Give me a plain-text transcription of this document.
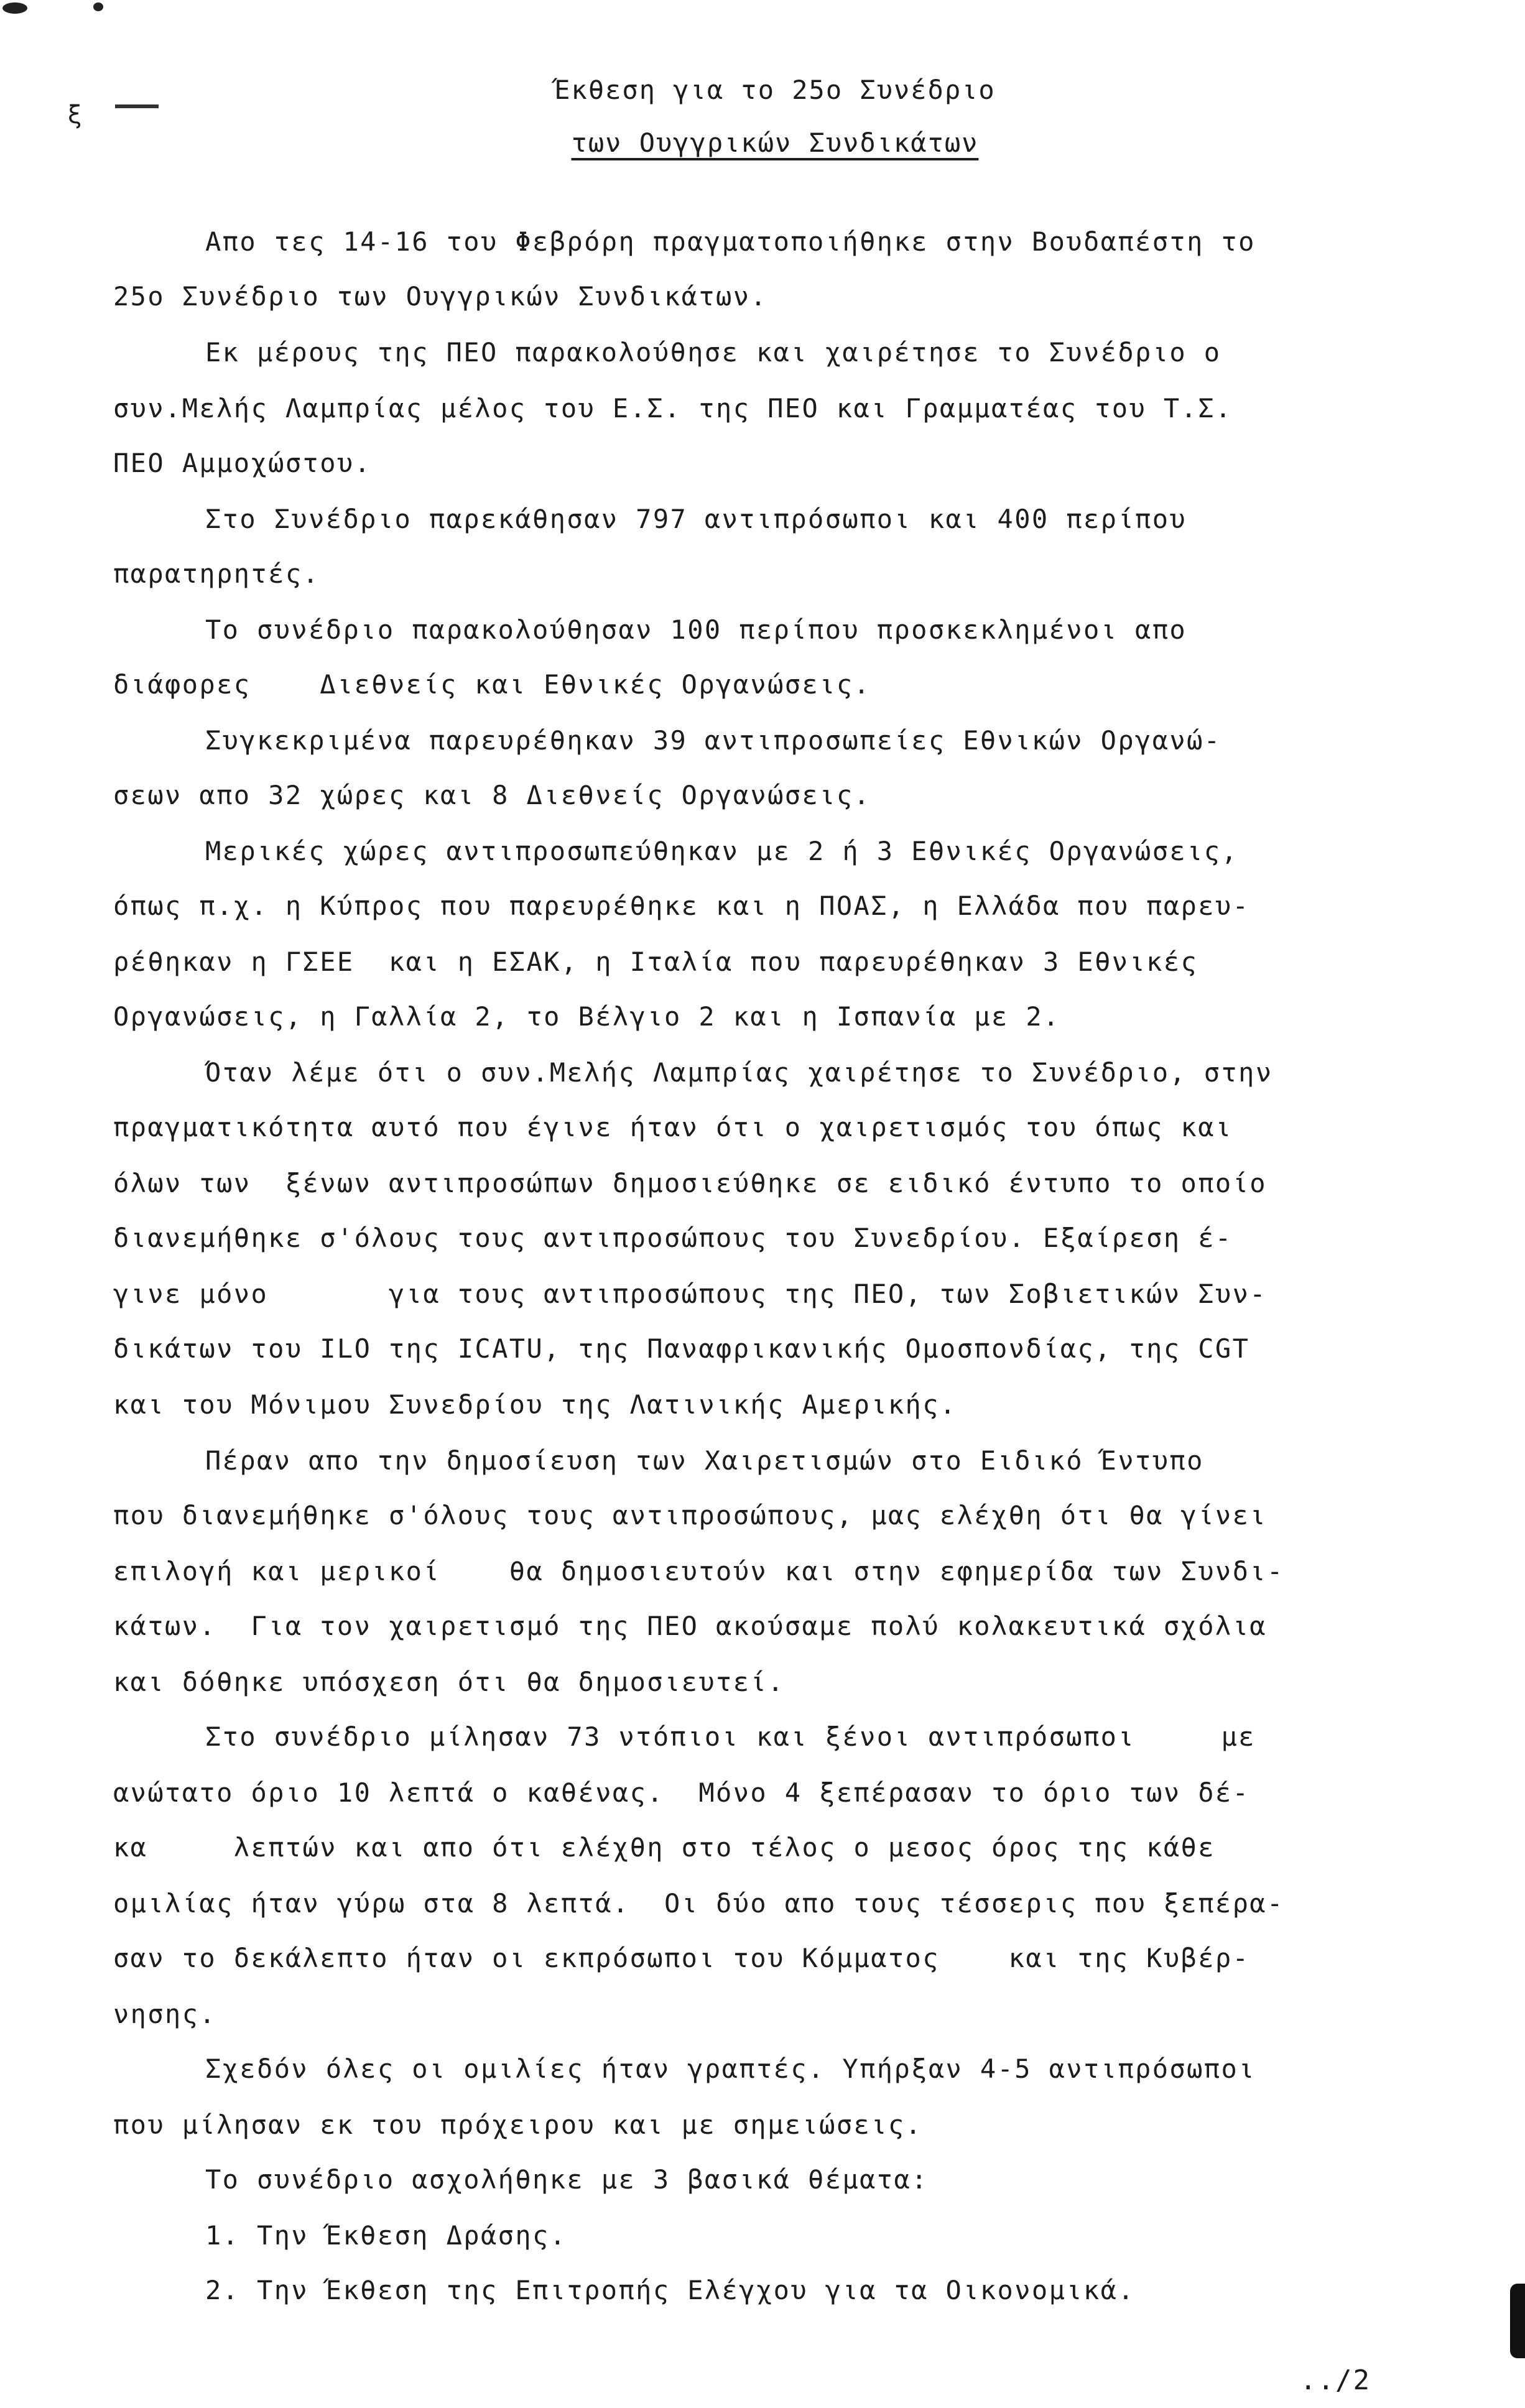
ξ
Έκθεση για το 25ο Συνέδριο
των Ουγγρικών Συνδικάτων
Απο τες 14-16 του Φεβρόρη πραγματοποιήθηκε στην Βουδαπέστη το
25ο Συνέδριο των Ουγγρικών Συνδικάτων.
Εκ μέρους της ΠΕΟ παρακολούθησε και χαιρέτησε το Συνέδριο ο
συν.Μελής Λαμπρίας μέλος του Ε.Σ. της ΠΕΟ και Γραμματέας του Τ.Σ.
ΠΕΟ Αμμοχώστου.
Στο Συνέδριο παρεκάθησαν 797 αντιπρόσωποι και 400 περίπου
παρατηρητές.
Το συνέδριο παρακολούθησαν 100 περίπου προσκεκλημένοι απο
διάφορες    Διεθνείς και Εθνικές Οργανώσεις.
Συγκεκριμένα παρευρέθηκαν 39 αντιπροσωπείες Εθνικών Οργανώ-
σεων απο 32 χώρες και 8 Διεθνείς Οργανώσεις.
Μερικές χώρες αντιπροσωπεύθηκαν με 2 ή 3 Εθνικές Οργανώσεις,
όπως π.χ. η Κύπρος που παρευρέθηκε και η ΠΟΑΣ, η Ελλάδα που παρευ-
ρέθηκαν η ΓΣΕΕ  και η ΕΣΑΚ, η Ιταλία που παρευρέθηκαν 3 Εθνικές
Οργανώσεις, η Γαλλία 2, το Βέλγιο 2 και η Ισπανία με 2.
Όταν λέμε ότι ο συν.Μελής Λαμπρίας χαιρέτησε το Συνέδριο, στην
πραγματικότητα αυτό που έγινε ήταν ότι ο χαιρετισμός του όπως και
όλων των  ξένων αντιπροσώπων δημοσιεύθηκε σε ειδικό έντυπο το οποίο
διανεμήθηκε σ'όλους τους αντιπροσώπους του Συνεδρίου. Εξαίρεση έ-
γινε μόνο       για τους αντιπροσώπους της ΠΕΟ, των Σοβιετικών Συν-
δικάτων του ILO της ICATU, της Παναφρικανικής Ομοσπονδίας, της CGT
και του Μόνιμου Συνεδρίου της Λατινικής Αμερικής.
Πέραν απο την δημοσίευση των Χαιρετισμών στο Ειδικό Έντυπο
που διανεμήθηκε σ'όλους τους αντιπροσώπους, μας ελέχθη ότι θα γίνει
επιλογή και μερικοί    θα δημοσιευτούν και στην εφημερίδα των Συνδι-
κάτων.  Για τον χαιρετισμό της ΠΕΟ ακούσαμε πολύ κολακευτικά σχόλια
και δόθηκε υπόσχεση ότι θα δημοσιευτεί.
Στο συνέδριο μίλησαν 73 ντόπιοι και ξένοι αντιπρόσωποι     με
ανώτατο όριο 10 λεπτά ο καθένας.  Μόνο 4 ξεπέρασαν το όριο των δέ-
κα     λεπτών και απο ότι ελέχθη στο τέλος ο μεσος όρος της κάθε
ομιλίας ήταν γύρω στα 8 λεπτά.  Οι δύο απο τους τέσσερις που ξεπέρα-
σαν το δεκάλεπτο ήταν οι εκπρόσωποι του Κόμματος    και της Κυβέρ-
νησης.
Σχεδόν όλες οι ομιλίες ήταν γραπτές. Υπήρξαν 4-5 αντιπρόσωποι
που μίλησαν εκ του πρόχειρου και με σημειώσεις.
Το συνέδριο ασχολήθηκε με 3 βασικά θέματα:
1. Την Έκθεση Δράσης.
2. Την Έκθεση της Επιτροπής Ελέγχου για τα Οικονομικά.
../2
